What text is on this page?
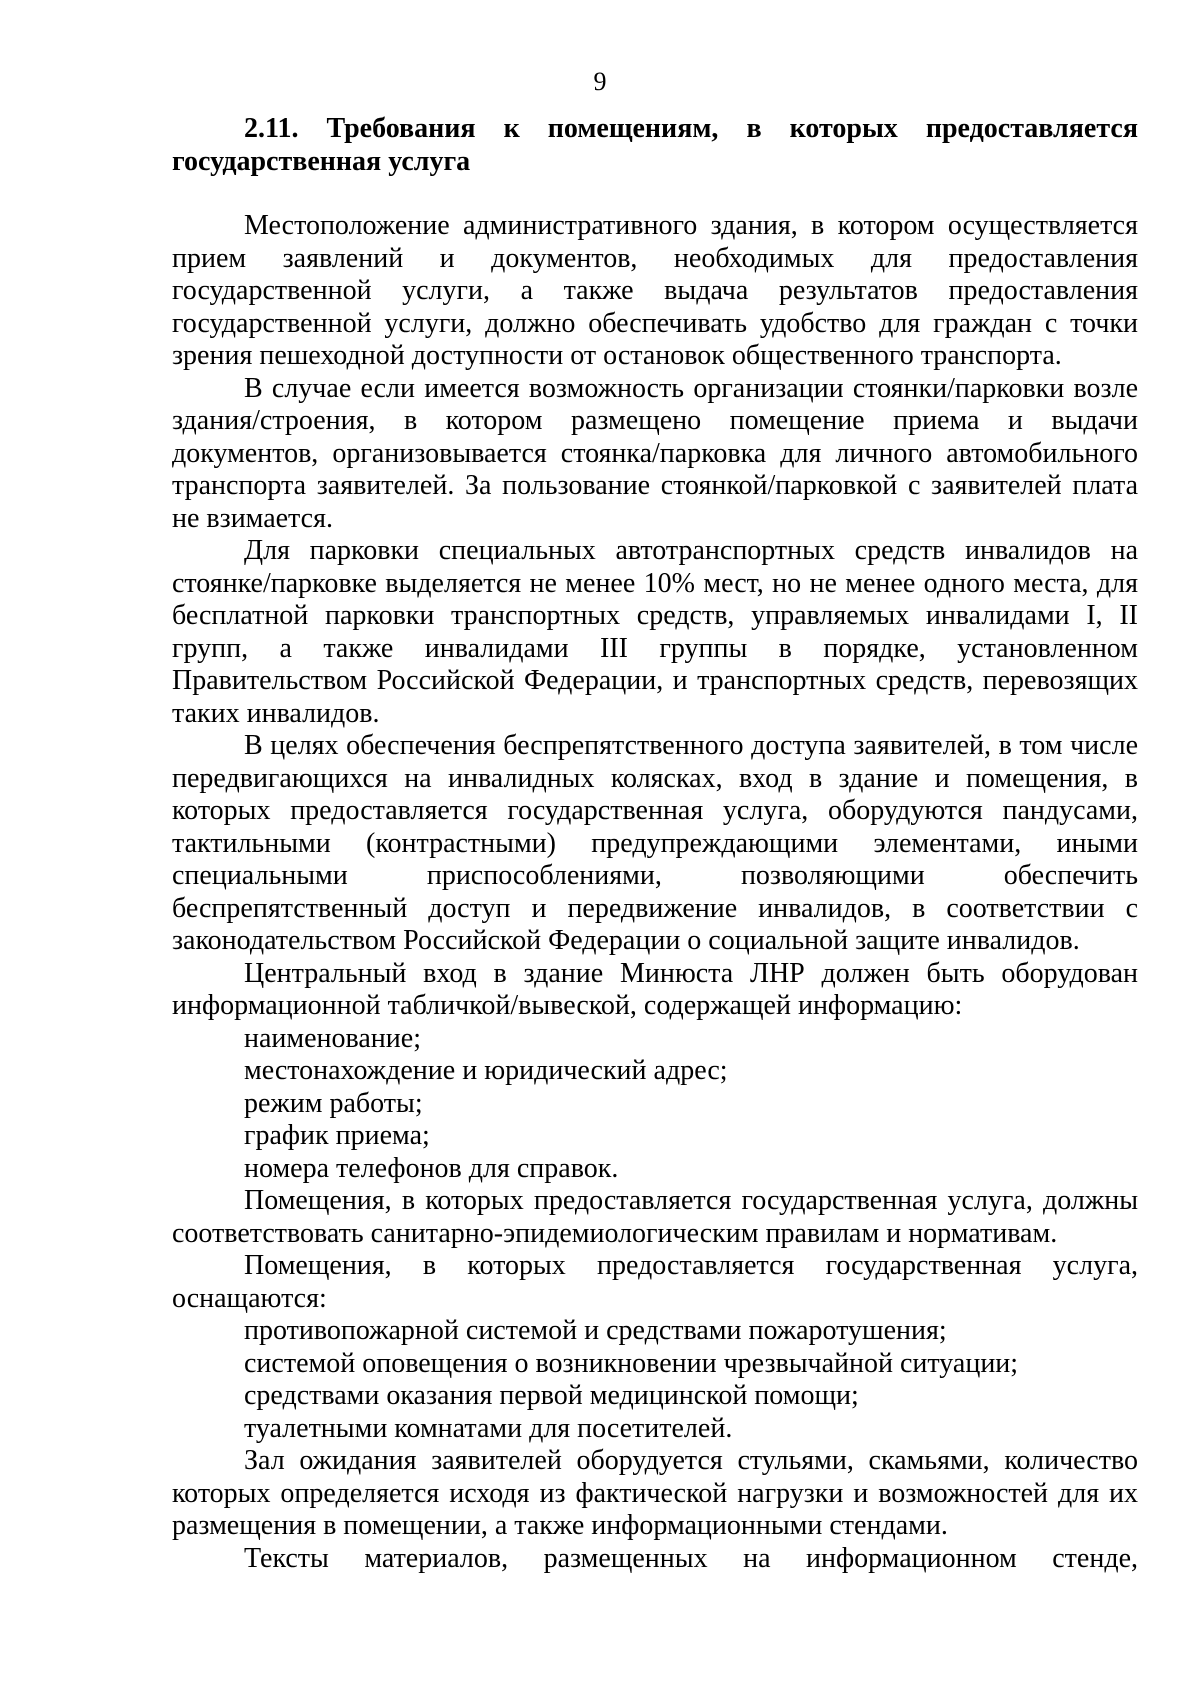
9
2.11. Требования к помещениям, в которых предоставляется
государственная услуга

Местоположение административного здания, в котором осуществляется прием заявлений и документов, необходимых для предоставления государственной услуги, а также выдача результатов предоставления государственной услуги, должно обеспечивать удобство для граждан с точки зрения пешеходной доступности от остановок общественного транспорта.

В случае если имеется возможность организации стоянки/парковки возле здания/строения, в котором размещено помещение приема и выдачи документов, организовывается стоянка/парковка для личного автомобильного транспорта заявителей. За пользование стоянкой/парковкой с заявителей плата не взимается.

Для парковки специальных автотранспортных средств инвалидов на стоянке/парковке выделяется не менее 10% мест, но не менее одного места, для бесплатной парковки транспортных средств, управляемых инвалидами I, II групп, а также инвалидами III группы в порядке, установленном Правительством Российской Федерации, и транспортных средств, перевозящих таких инвалидов.

В целях обеспечения беспрепятственного доступа заявителей, в том числе передвигающихся на инвалидных колясках, вход в здание и помещения, в которых предоставляется государственная услуга, оборудуются пандусами, тактильными (контрастными) предупреждающими элементами, иными специальными приспособлениями, позволяющими обеспечить беспрепятственный доступ и передвижение инвалидов, в соответствии с законодательством Российской Федерации о социальной защите инвалидов.

Центральный вход в здание Минюста ЛНР должен быть оборудован информационной табличкой/вывеской, содержащей информацию:

наименование;

местонахождение и юридический адрес;

режим работы;

график приема;

номера телефонов для справок.

Помещения, в которых предоставляется государственная услуга, должны соответствовать санитарно-эпидемиологическим правилам и нормативам.

Помещения, в которых предоставляется государственная услуга, оснащаются:

противопожарной системой и средствами пожаротушения;

системой оповещения о возникновении чрезвычайной ситуации;

средствами оказания первой медицинской помощи;

туалетными комнатами для посетителей.

Зал ожидания заявителей оборудуется стульями, скамьями, количество которых определяется исходя из фактической нагрузки и возможностей для их размещения в помещении, а также информационными стендами.

Тексты материалов, размещенных на информационном стенде,
